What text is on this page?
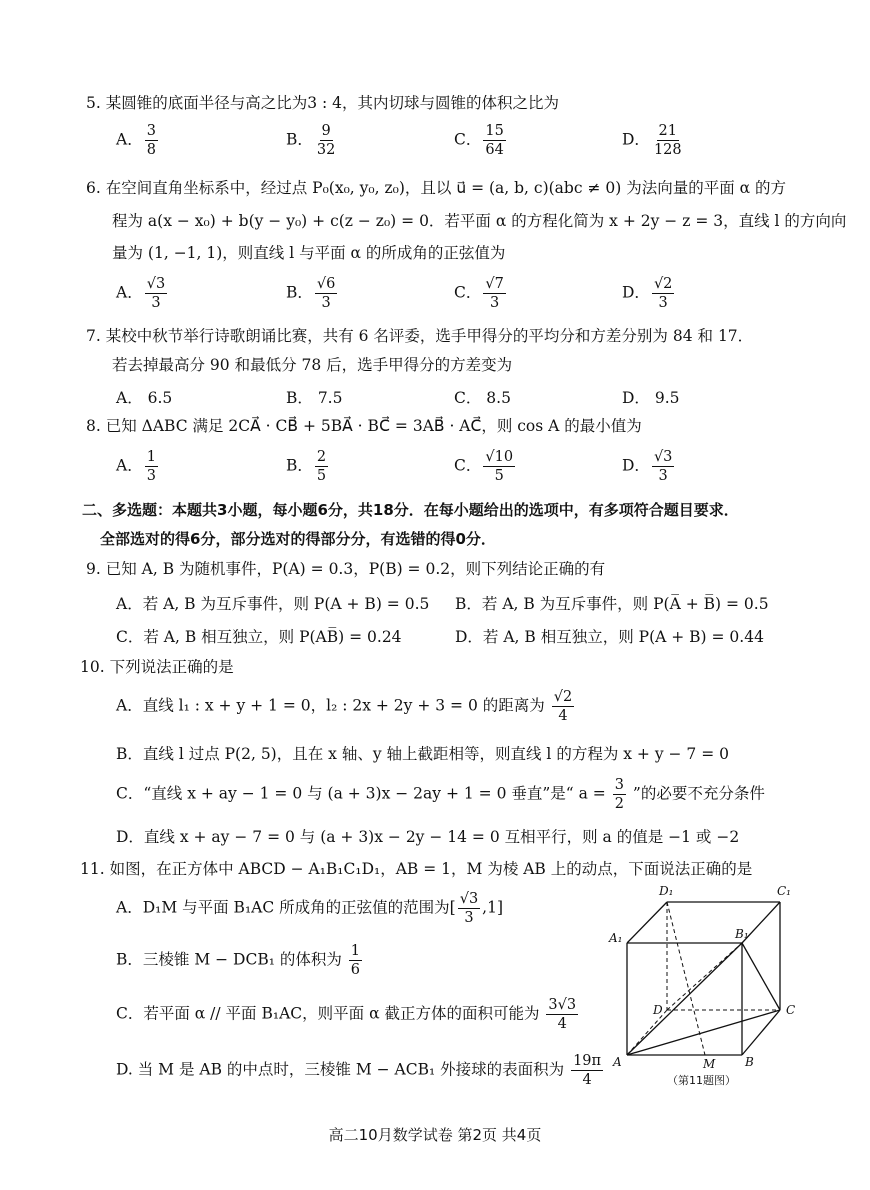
5. 某圆锥的底面半径与高之比为3 : 4，其内切球与圆锥的体积之比为
A． $\frac{3}{8}$	B． $\frac{9}{32}$	C． $\frac{15}{64}$	D． $\frac{21}{128}$
6. 在空间直角坐标系中，经过点 P₀(x₀, y₀, z₀)，且以 u⃗ = (a, b, c)(abc ≠ 0) 为法向量的平面 α 的方
程为 a(x − x₀) + b(y − y₀) + c(z − z₀) = 0．若平面 α 的方程化简为 x + 2y − z = 3，直线 l 的方向向
量为 (1, −1, 1)，则直线 l 与平面 α 的所成角的正弦值为
A． $\frac{√3}{3}$	B． $\frac{√6}{3}$	C． $\frac{√7}{3}$	D． $\frac{√2}{3}$
7. 某校中秋节举行诗歌朗诵比赛，共有 6 名评委，选手甲得分的平均分和方差分别为 84 和 17．
若去掉最高分 90 和最低分 78 后，选手甲得分的方差变为
A． 6.5	B． 7.5	C． 8.5	D． 9.5
8. 已知 ΔABC 满足 2CA⃗ · CB⃗ + 5BA⃗ · BC⃗ = 3AB⃗ · AC⃗，则 cos A 的最小值为
A． $\frac{1}{3}$	B． $\frac{2}{5}$	C． $\frac{√10}{5}$	D． $\frac{√3}{3}$
二、多选题：本题共3小题，每小题6分，共18分．在每小题给出的选项中，有多项符合题目要求．
全部选对的得6分，部分选对的得部分分，有选错的得0分．
9. 已知 A, B 为随机事件，P(A) = 0.3，P(B) = 0.2，则下列结论正确的有
A．若 A, B 为互斥事件，则 P(A + B) = 0.5 B．若 A, B 为互斥事件，则 P(A̅ + B̅) = 0.5
C．若 A, B 相互独立，则 P(AB̅) = 0.24	D．若 A, B 相互独立，则 P(A + B) = 0.44
10. 下列说法正确的是
A．直线 l₁ : x + y + 1 = 0，l₂ : 2x + 2y + 3 = 0 的距离为 $\frac{√2}{4}$
B．直线 l 过点 P(2, 5)，且在 x 轴、y 轴上截距相等，则直线 l 的方程为 x + y − 7 = 0
C．“直线 x + ay − 1 = 0 与 (a + 3)x − 2ay + 1 = 0 垂直”是“ $a = \frac{3}{2}$ ”的必要不充分条件
D．直线 x + ay − 7 = 0 与 (a + 3)x − 2y − 14 = 0 互相平行，则 a 的值是 −1 或 −2
11. 如图，在正方体中 ABCD − A₁B₁C₁D₁，AB = 1，M 为棱 AB 上的动点，下面说法正确的是
A．D₁M 与平面 B₁AC 所成角的正弦值的范围为[ $\frac{√3}{3} ,1$]
B．三棱锥 M − DCB₁ 的体积为 $\frac{1}{6}$
C．若平面 α // 平面 B₁AC，则平面 α 截正方体的面积可能为 $\frac{3√3}{4}$
D. 当 M 是 AB 的中点时，三棱锥 M − ACB₁ 外接球的表面积为 $\frac{19\pi}{4}$
D₁	C₁
A₁	B₁
D	C
A	B
M
（第11题图）
高二10月数学试卷 第2页 共4页
